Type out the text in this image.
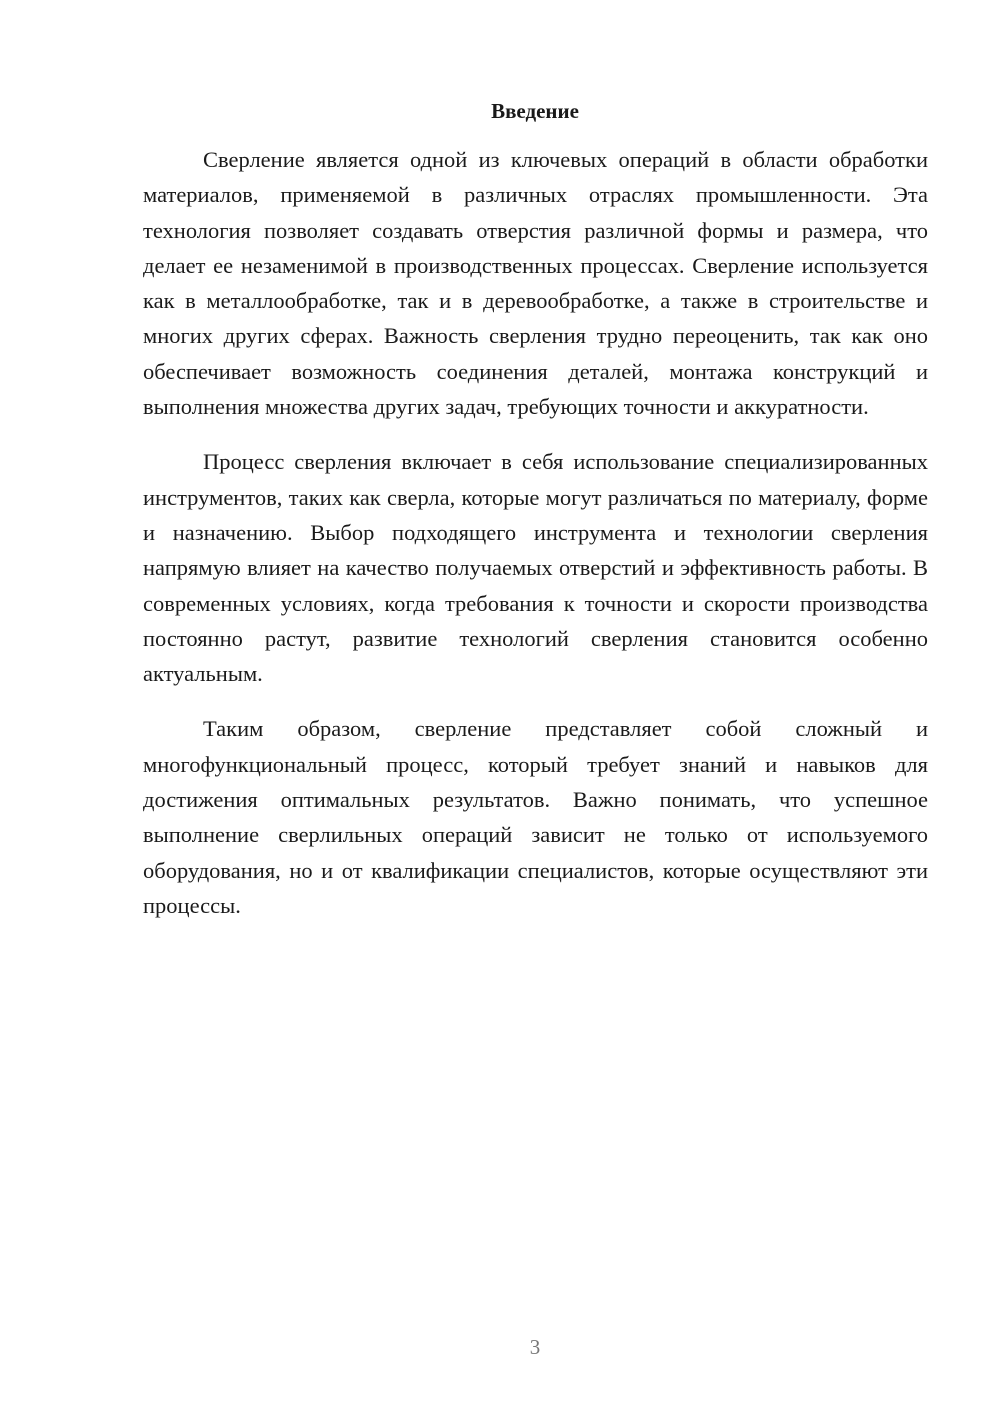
Введение

Сверление является одной из ключевых операций в области обработки материалов, применяемой в различных отраслях промышленности. Эта технология позволяет создавать отверстия различной формы и размера, что делает ее незаменимой в производственных процессах. Сверление используется как в металлообработке, так и в деревообработке, а также в строительстве и многих других сферах. Важность сверления трудно переоценить, так как оно обеспечивает возможность соединения деталей, монтажа конструкций и выполнения множества других задач, требующих точности и аккуратности.

Процесс сверления включает в себя использование специализированных инструментов, таких как сверла, которые могут различаться по материалу, форме и назначению. Выбор подходящего инструмента и технологии сверления напрямую влияет на качество получаемых отверстий и эффективность работы. В современных условиях, когда требования к точности и скорости производства постоянно растут, развитие технологий сверления становится особенно актуальным.

Таким образом, сверление представляет собой сложный и многофункциональный процесс, который требует знаний и навыков для достижения оптимальных результатов. Важно понимать, что успешное выполнение сверлильных операций зависит не только от используемого оборудования, но и от квалификации специалистов, которые осуществляют эти процессы.

3
